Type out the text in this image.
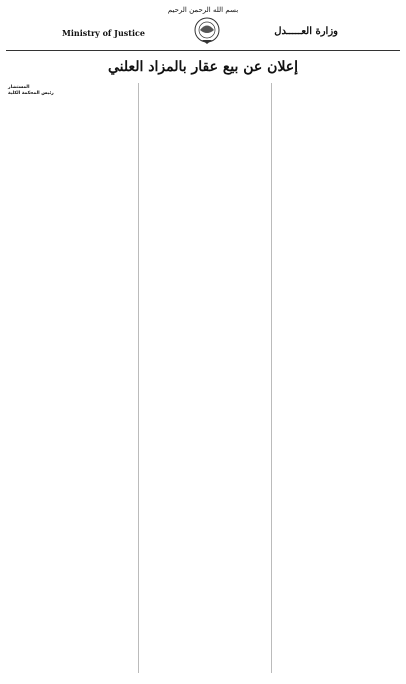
بسم الله الرحمن الرحيم
Ministry of Justice	وزارة العـــــدل
إعلان عن بيع عقار بالمزاد العلني
المستشار
رئيس المحكمة الكلية
